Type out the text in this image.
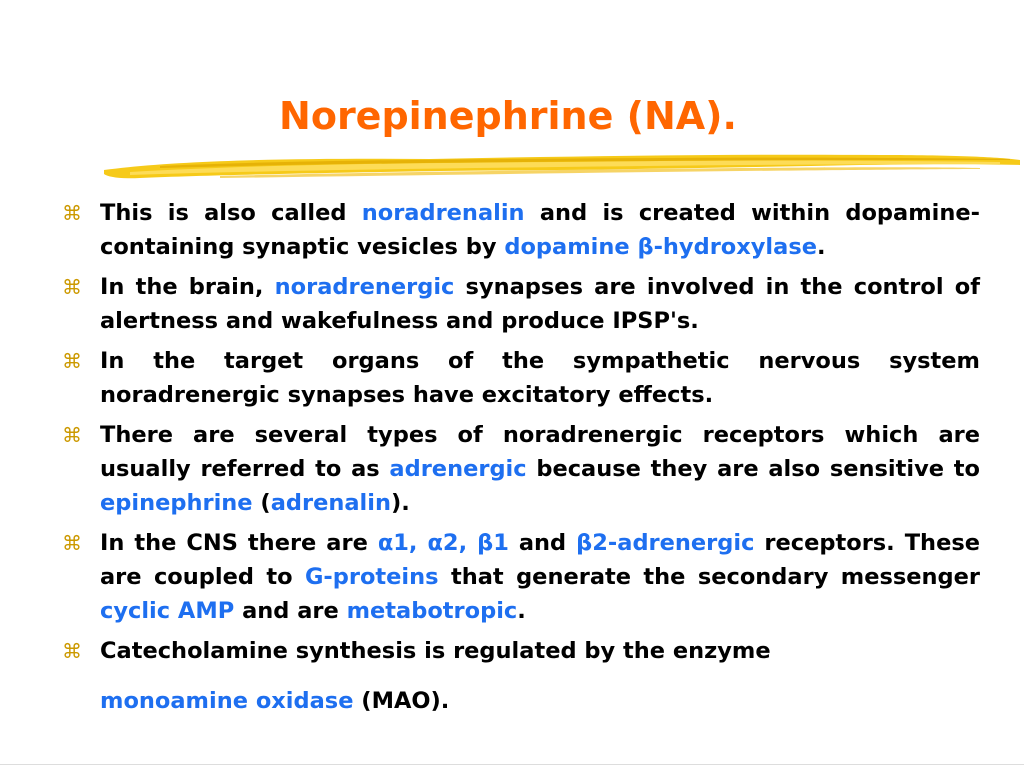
Norepinephrine (NA).
⌘ This is also called noradrenalin and is created within dopamine-containing synaptic vesicles by dopamine β-hydroxylase.
⌘ In the brain, noradrenergic synapses are involved in the control of alertness and wakefulness and produce IPSP's.
⌘ In the target organs of the sympathetic nervous system noradrenergic synapses have excitatory effects.
⌘ There are several types of noradrenergic receptors which are usually referred to as adrenergic because they are also sensitive to epinephrine (adrenalin).
⌘ In the CNS there are α1, α2, β1 and β2-adrenergic receptors. These are coupled to G-proteins that generate the secondary messenger cyclic AMP and are metabotropic.
⌘ Catecholamine synthesis is regulated by the enzyme
monoamine oxidase (MAO).
